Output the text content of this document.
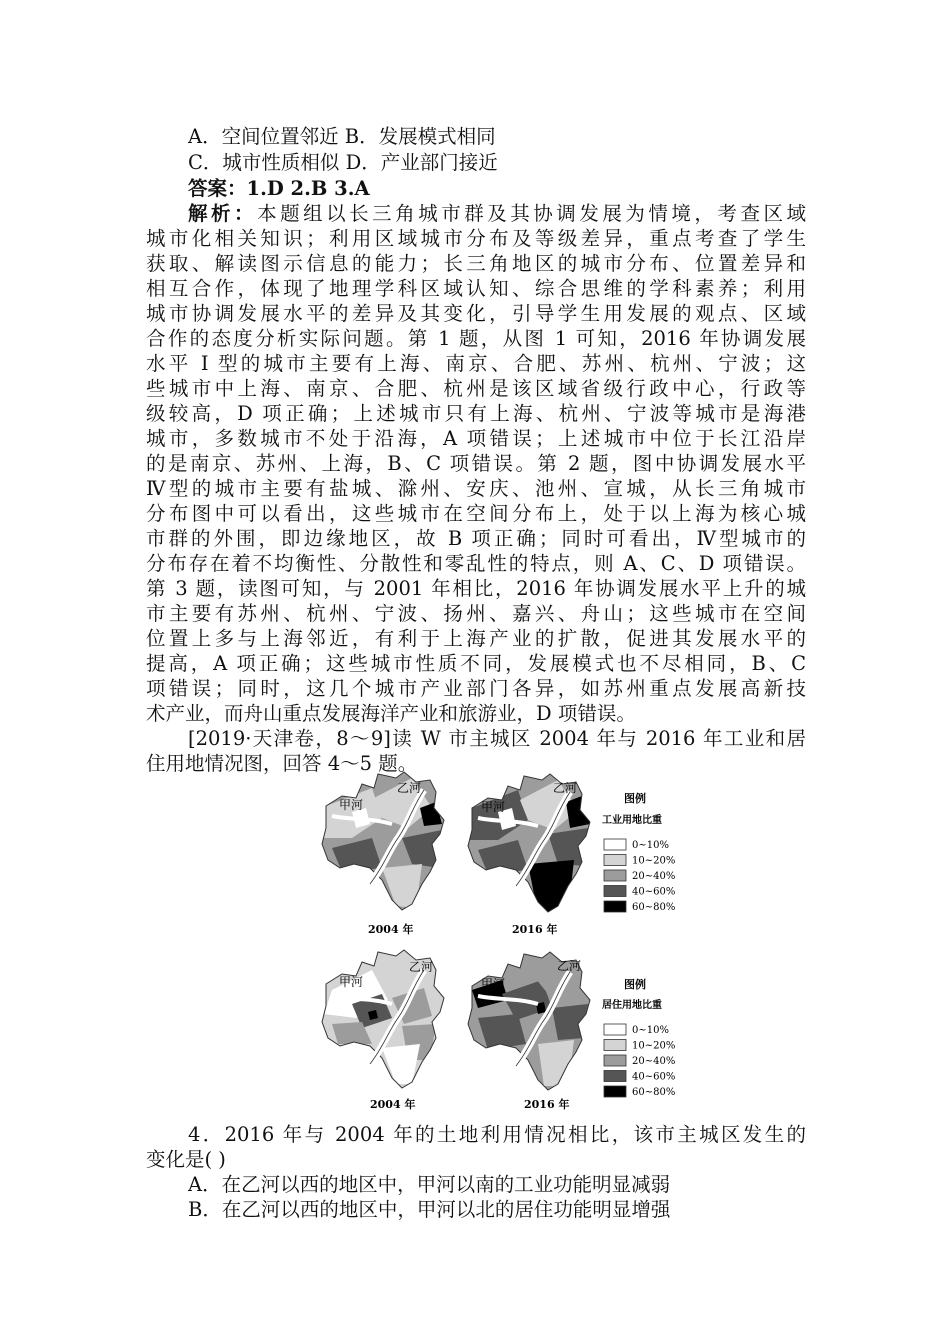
A．空间位置邻近 B．发展模式相同
C．城市性质相似 D．产业部门接近
答案：1.D 2.B 3.A
解析：本题组以长三角城市群及其协调发展为情境，考查区域
城市化相关知识；利用区域城市分布及等级差异，重点考查了学生
获取、解读图示信息的能力；长三角地区的城市分布、位置差异和
相互合作，体现了地理学科区域认知、综合思维的学科素养；利用
城市协调发展水平的差异及其变化，引导学生用发展的观点、区域
合作的态度分析实际问题。第 1 题，从图 1 可知，2016 年协调发展
水平 I 型的城市主要有上海、南京、合肥、苏州、杭州、宁波；这
些城市中上海、南京、合肥、杭州是该区域省级行政中心，行政等
级较高，D 项正确；上述城市只有上海、杭州、宁波等城市是海港
城市，多数城市不处于沿海，A 项错误；上述城市中位于长江沿岸
的是南京、苏州、上海，B、C 项错误。第 2 题，图中协调发展水平
Ⅳ型的城市主要有盐城、滁州、安庆、池州、宣城，从长三角城市
分布图中可以看出，这些城市在空间分布上，处于以上海为核心城
市群的外围，即边缘地区，故 B 项正确；同时可看出，Ⅳ型城市的
分布存在着不均衡性、分散性和零乱性的特点，则 A、C、D 项错误。
第 3 题，读图可知，与 2001 年相比，2016 年协调发展水平上升的城
市主要有苏州、杭州、宁波、扬州、嘉兴、舟山；这些城市在空间
位置上多与上海邻近，有利于上海产业的扩散，促进其发展水平的
提高，A 项正确；这些城市性质不同，发展模式也不尽相同，B、C
项错误；同时，这几个城市产业部门各异，如苏州重点发展高新技
术产业，而舟山重点发展海洋产业和旅游业，D 项错误。
[2019·天津卷，8～9]读 W 市主城区 2004 年与 2016 年工业和居
住用地情况图，回答 4～5 题。
甲河
乙河
甲河
乙河
甲河
乙河
甲河
乙河
2004 年	2016 年
2004 年	2016 年
图例
工业用地比重
0~10%
10~20%
20~40%
40~60%
60~80%
图例
居住用地比重
0~10%
10~20%
20~40%
40~60%
60~80%
4．2016 年与 2004 年的土地利用情况相比，该市主城区发生的
变化是( )
A．在乙河以西的地区中，甲河以南的工业功能明显减弱
B．在乙河以西的地区中，甲河以北的居住功能明显增强
